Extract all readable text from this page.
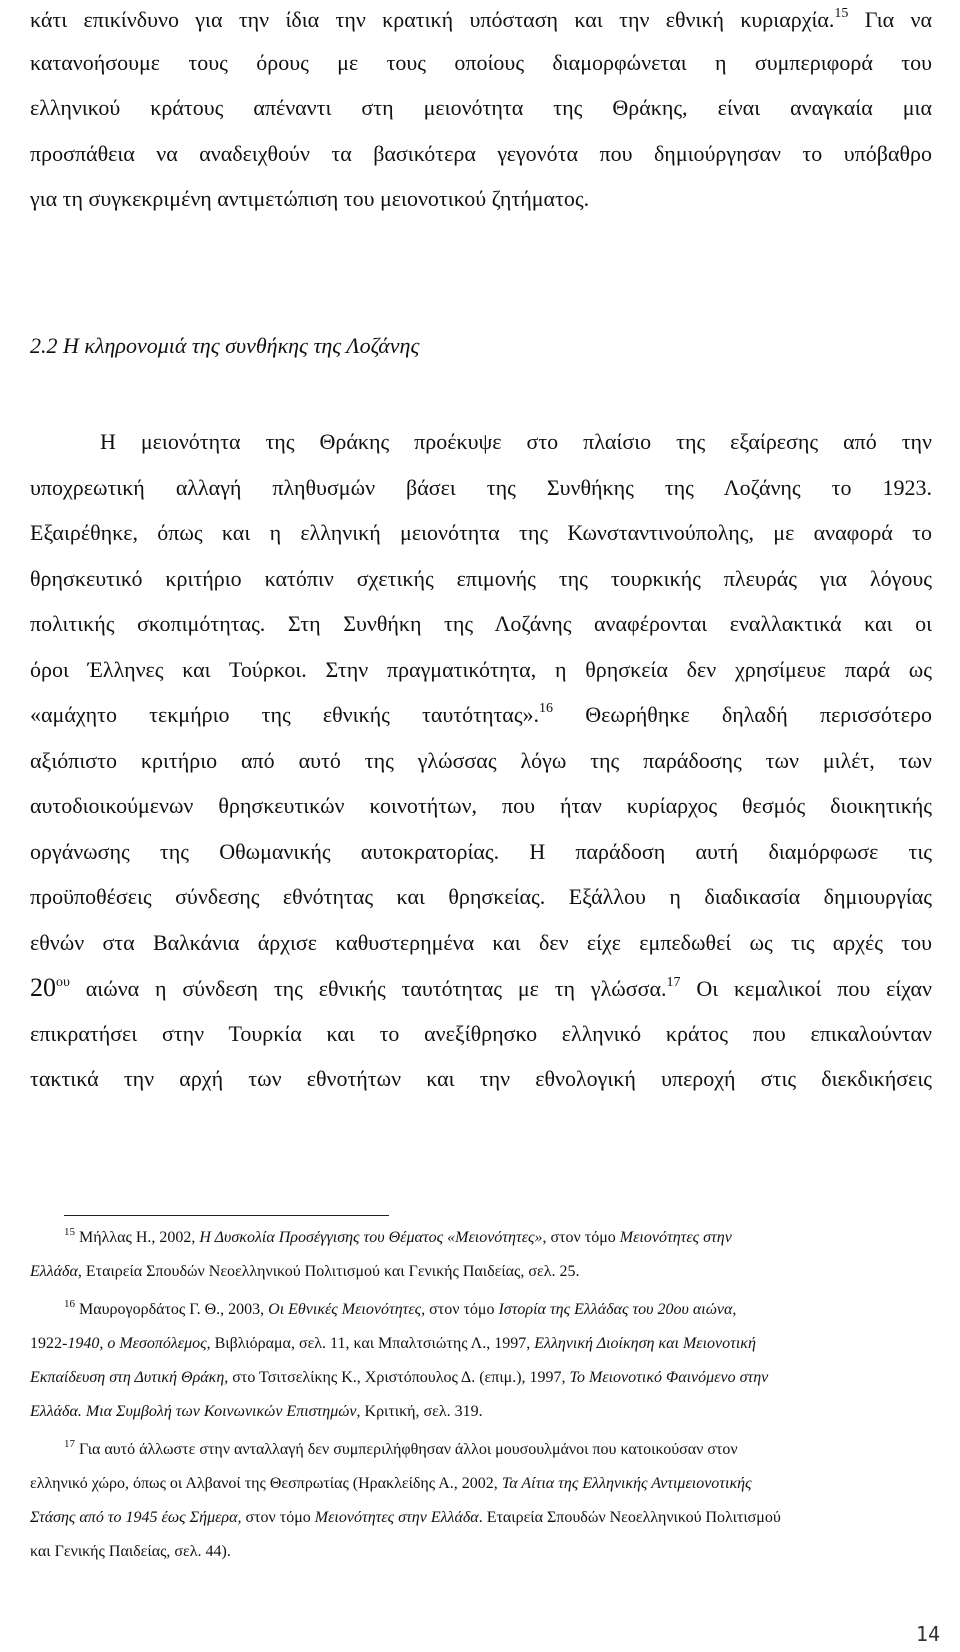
κάτι επικίνδυνο για την ίδια την κρατική υπόσταση και την εθνική κυριαρχία.$^{15}$ Για να
κατανοήσουμε τους όρους με τους οποίους διαμορφώνεται η συμπεριφορά του
ελληνικού κράτους απέναντι στη μειονότητα της Θράκης, είναι αναγκαία μια
προσπάθεια να αναδειχθούν τα βασικότερα γεγονότα που δημιούργησαν το υπόβαθρο
για τη συγκεκριμένη αντιμετώπιση του μειονοτικού ζητήματος.
2.2 Η κληρονομιά της συνθήκης της Λοζάνης
Η μειονότητα της Θράκης προέκυψε στο πλαίσιο της εξαίρεσης από την
υποχρεωτική αλλαγή πληθυσμών βάσει της Συνθήκης της Λοζάνης το 1923.
Εξαιρέθηκε, όπως και η ελληνική μειονότητα της Κωνσταντινούπολης, με αναφορά το
θρησκευτικό κριτήριο κατόπιν σχετικής επιμονής της τουρκικής πλευράς για λόγους
πολιτικής σκοπιμότητας. Στη Συνθήκη της Λοζάνης αναφέρονται εναλλακτικά και οι
όροι Έλληνες και Τούρκοι. Στην πραγματικότητα, η θρησκεία δεν χρησίμευε παρά ως
«αμάχητο τεκμήριο της εθνικής ταυτότητας».$^{16}$ Θεωρήθηκε δηλαδή περισσότερο
αξιόπιστο κριτήριο από αυτό της γλώσσας λόγω της παράδοσης των μιλέτ, των
αυτοδιοικούμενων θρησκευτικών κοινοτήτων, που ήταν κυρίαρχος θεσμός διοικητικής
οργάνωσης της Οθωμανικής αυτοκρατορίας. Η παράδοση αυτή διαμόρφωσε τις
προϋποθέσεις σύνδεσης εθνότητας και θρησκείας. Εξάλλου η διαδικασία δημιουργίας
εθνών στα Βαλκάνια άρχισε καθυστερημένα και δεν είχε εμπεδωθεί ως τις αρχές του
$20^{o\upsilon}$ αιώνα η σύνδεση της εθνικής ταυτότητας με τη γλώσσα.$^{17}$ Οι κεμαλικοί που είχαν
επικρατήσει στην Τουρκία και το ανεξίθρησκο ελληνικό κράτος που επικαλούνταν
τακτικά την αρχή των εθνοτήτων και την εθνολογική υπεροχή στις διεκδικήσεις
$^{15}$ Μήλλας Η., 2002, Η Δυσκολία Προσέγγισης του Θέματος «Μειονότητες», στον τόμο Μειονότητες στην
Ελλάδα, Εταιρεία Σπουδών Νεοελληνικού Πολιτισμού και Γενικής Παιδείας, σελ. 25.
$^{16}$ Μαυρογορδάτος Γ. Θ., 2003, Οι Εθνικές Μειονότητες, στον τόμο Ιστορία της Ελλάδας του 20ου αιώνα,
1922-1940, ο Μεσοπόλεμος, Βιβλιόραμα, σελ. 11, και Μπαλτσιώτης Λ., 1997, Ελληνική Διοίκηση και Μειονοτική
Εκπαίδευση στη Δυτική Θράκη, στο Τσιτσελίκης Κ., Χριστόπουλος Δ. (επιμ.), 1997, Το Μειονοτικό Φαινόμενο στην
Ελλάδα. Μια Συμβολή των Κοινωνικών Επιστημών, Κριτική, σελ. 319.
$^{17}$ Για αυτό άλλωστε στην ανταλλαγή δεν συμπεριλήφθησαν άλλοι μουσουλμάνοι που κατοικούσαν στον
ελληνικό χώρο, όπως οι Αλβανοί της Θεσπρωτίας (Ηρακλείδης Α., 2002, Τα Αίτια της Ελληνικής Αντιμειονοτικής
Στάσης από το 1945 έως Σήμερα, στον τόμο Μειονότητες στην Ελλάδα. Εταιρεία Σπουδών Νεοελληνικού Πολιτισμού
και Γενικής Παιδείας, σελ. 44).
14
